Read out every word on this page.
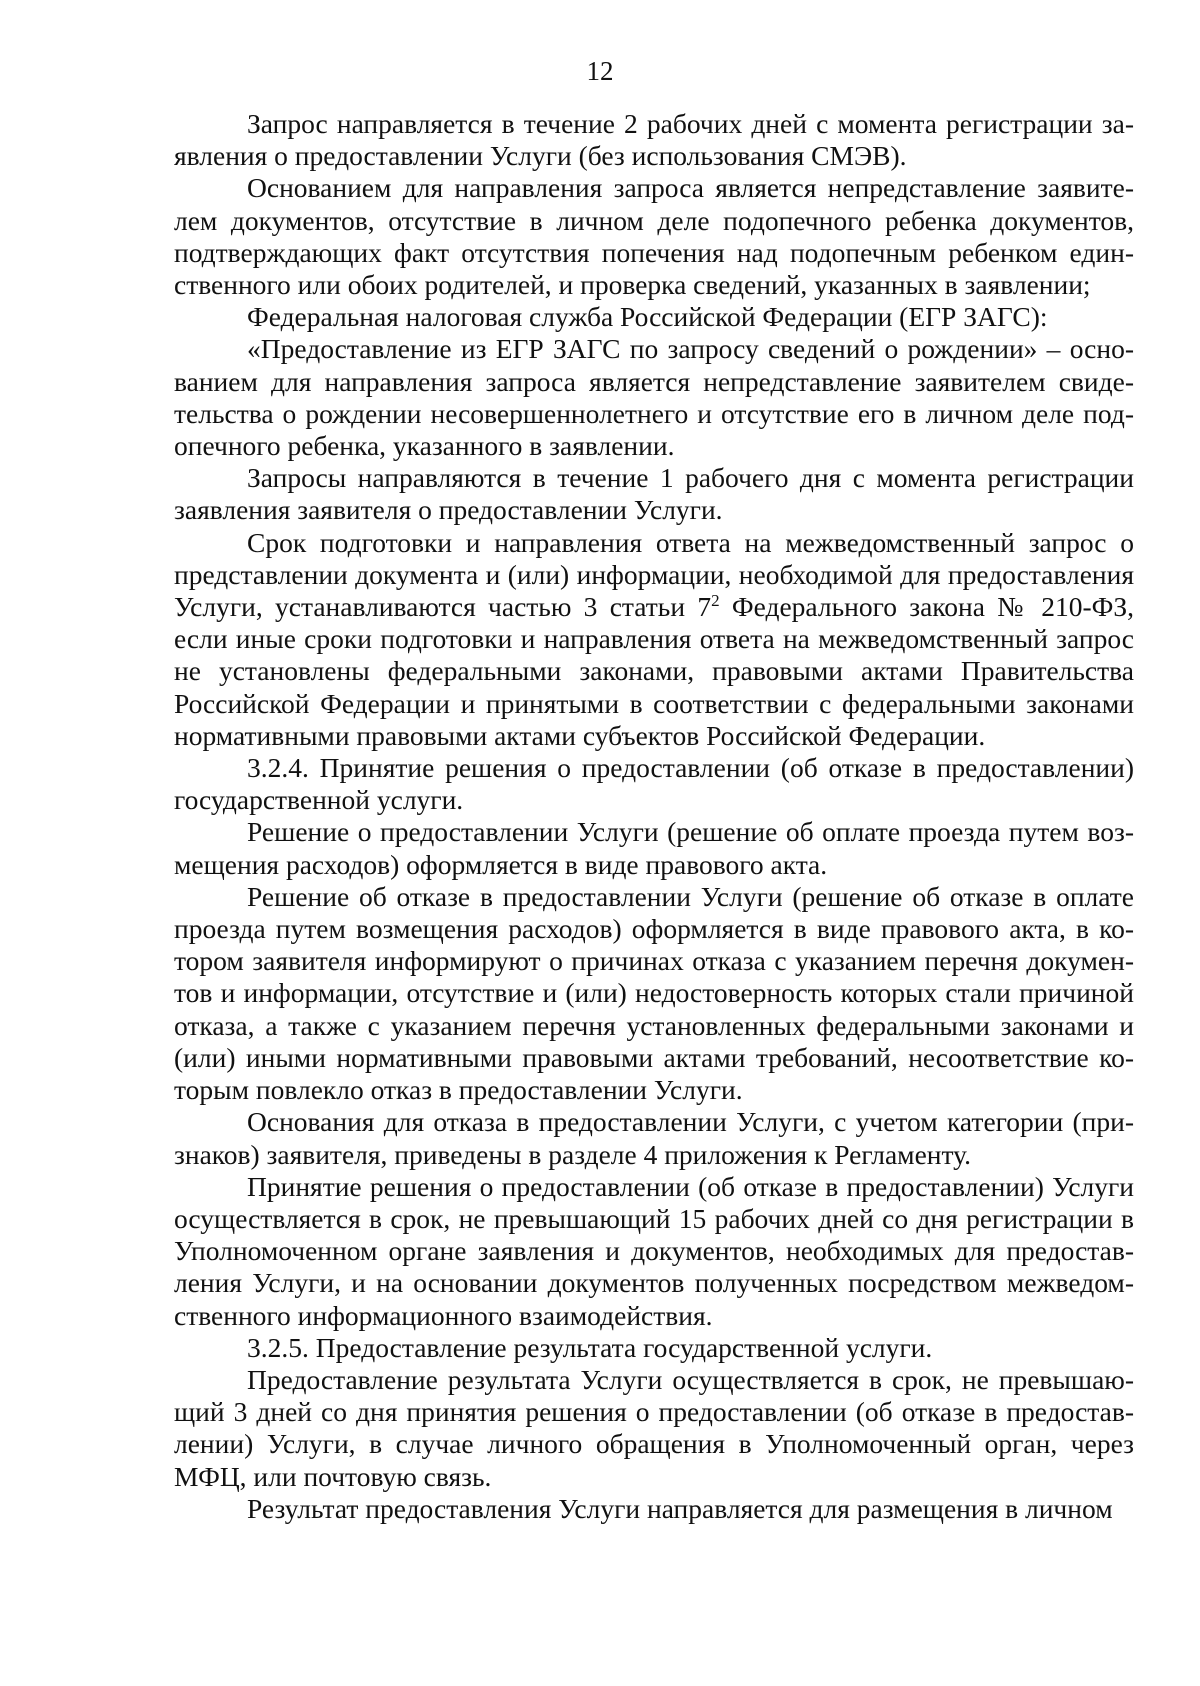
12

Запрос направляется в течение 2 рабочих дней с момента регистрации заявления о предоставлении Услуги (без использования СМЭВ).

Основанием для направления запроса является непредставление заявителем документов, отсутствие в личном деле подопечного ребенка документов, подтверждающих факт отсутствия попечения над подопечным ребенком единственного или обоих родителей, и проверка сведений, указанных в заявлении;

Федеральная налоговая служба Российской Федерации (ЕГР ЗАГС):

«Предоставление из ЕГР ЗАГС по запросу сведений о рождении» – основанием для направления запроса является непредставление заявителем свидетельства о рождении несовершеннолетнего и отсутствие его в личном деле подопечного ребенка, указанного в заявлении.

Запросы направляются в течение 1 рабочего дня с момента регистрации заявления заявителя о предоставлении Услуги.

Срок подготовки и направления ответа на межведомственный запрос о представлении документа и (или) информации, необходимой для предоставления Услуги, устанавливаются частью 3 статьи $7^2$ Федерального закона № 210-ФЗ, если иные сроки подготовки и направления ответа на межведомственный запрос не установлены федеральными законами, правовыми актами Правительства Российской Федерации и принятыми в соответствии с федеральными законами нормативными правовыми актами субъектов Российской Федерации.

3.2.4. Принятие решения о предоставлении (об отказе в предоставлении) государственной услуги.

Решение о предоставлении Услуги (решение об оплате проезда путем возмещения расходов) оформляется в виде правового акта.

Решение об отказе в предоставлении Услуги (решение об отказе в оплате проезда путем возмещения расходов) оформляется в виде правового акта, в котором заявителя информируют о причинах отказа с указанием перечня документов и информации, отсутствие и (или) недостоверность которых стали причиной отказа, а также с указанием перечня установленных федеральными законами и (или) иными нормативными правовыми актами требований, несоответствие которым повлекло отказ в предоставлении Услуги.

Основания для отказа в предоставлении Услуги, с учетом категории (признаков) заявителя, приведены в разделе 4 приложения к Регламенту.

Принятие решения о предоставлении (об отказе в предоставлении) Услуги осуществляется в срок, не превышающий 15 рабочих дней со дня регистрации в Уполномоченном органе заявления и документов, необходимых для предоставления Услуги, и на основании документов полученных посредством межведомственного информационного взаимодействия.

3.2.5. Предоставление результата государственной услуги.

Предоставление результата Услуги осуществляется в срок, не превышающий 3 дней со дня принятия решения о предоставлении (об отказе в предоставлении) Услуги, в случае личного обращения в Уполномоченный орган, через МФЦ, или почтовую связь.

Результат предоставления Услуги направляется для размещения в личном
